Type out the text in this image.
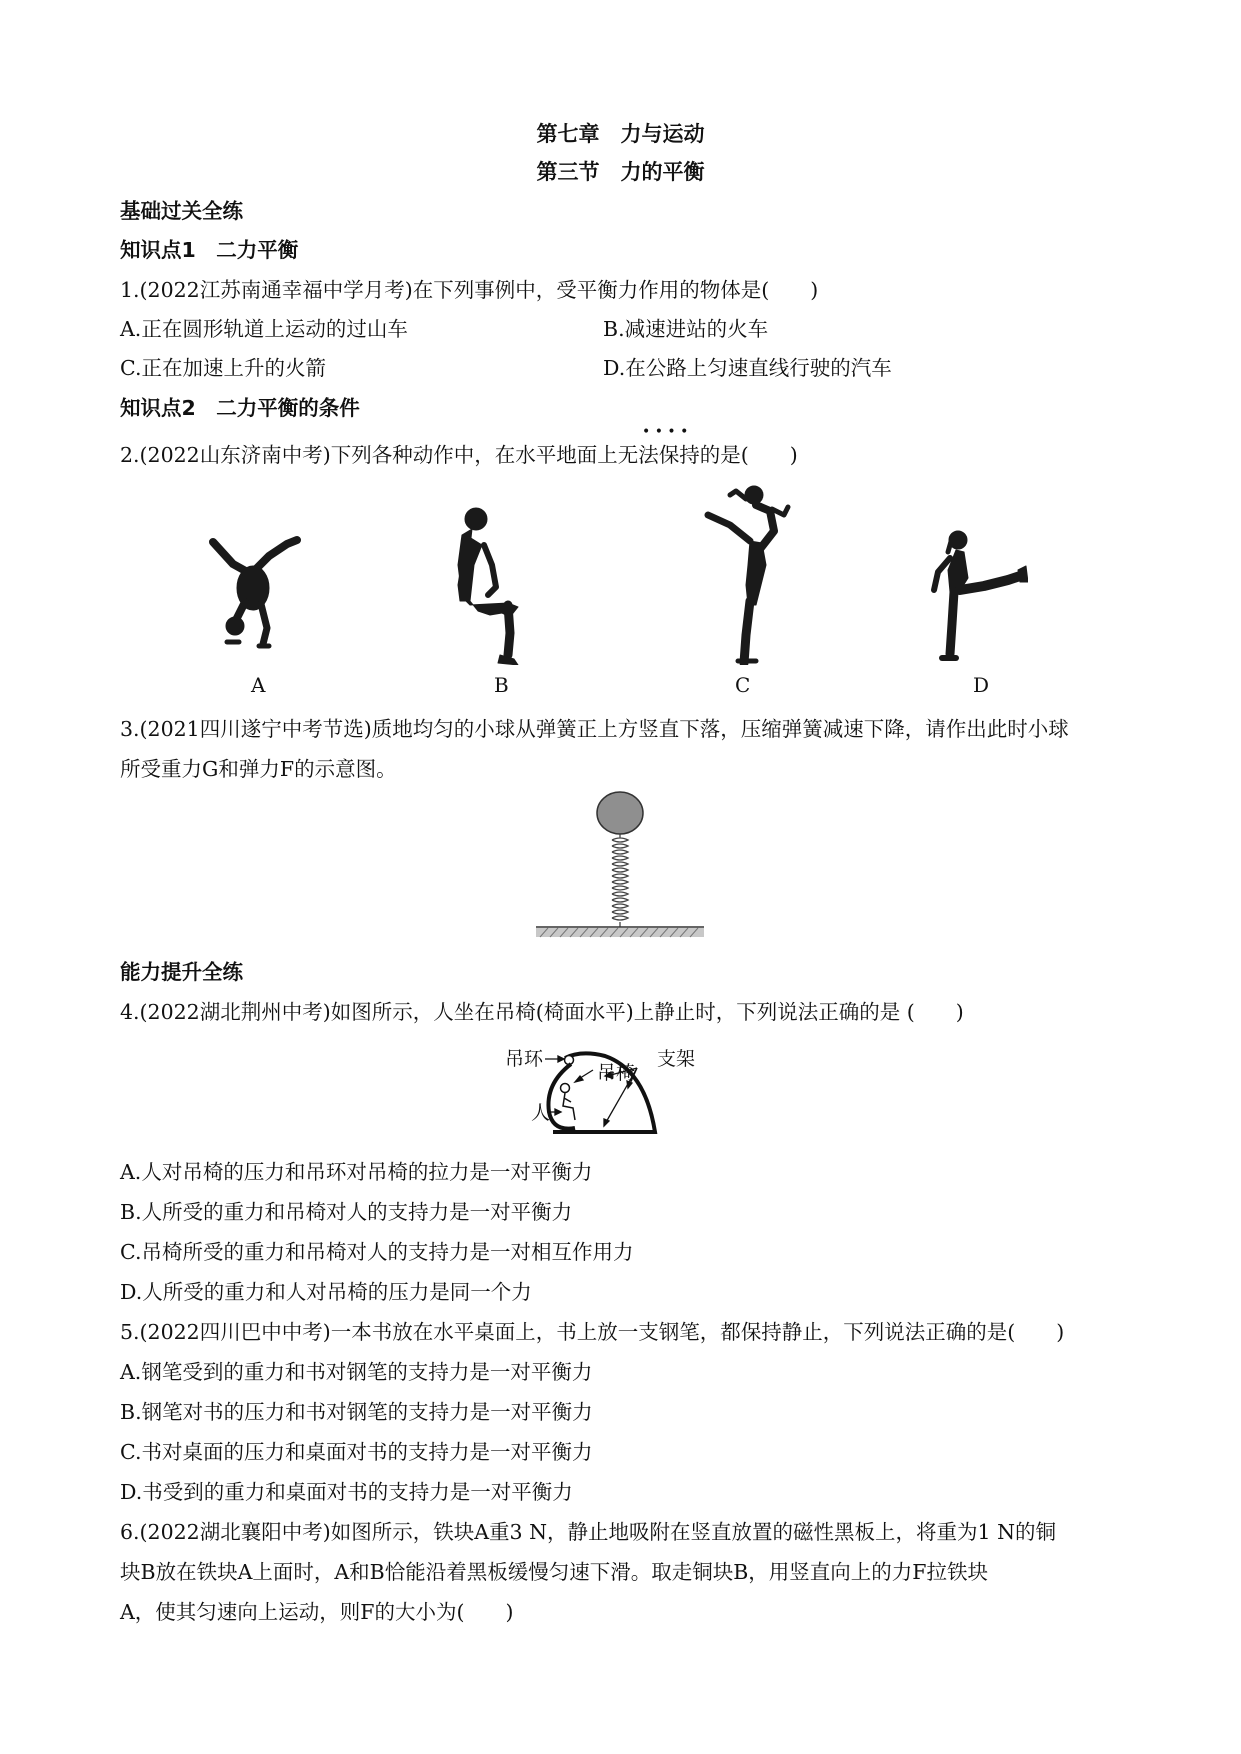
第七章　力与运动
第三节　力的平衡
基础过关全练
知识点1　二力平衡
1.(2022江苏南通幸福中学月考)在下列事例中，受平衡力作用的物体是(　　)
A.正在圆形轨道上运动的过山车	B.减速进站的火车
C.正在加速上升的火箭	D.在公路上匀速直线行驶的汽车
知识点2　二力平衡的条件
• • • •
2.(2022山东济南中考)下列各种动作中，在水平地面上无法保持的是(　　)
A	B	C	D
3.(2021四川遂宁中考节选)质地均匀的小球从弹簧正上方竖直下落，压缩弹簧减速下降，请作出此时小球
所受重力G和弹力F的示意图。
能力提升全练
4.(2022湖北荆州中考)如图所示，人坐在吊椅(椅面水平)上静止时，下列说法正确的是 (　　)
吊环
吊椅
支架
人
A.人对吊椅的压力和吊环对吊椅的拉力是一对平衡力
B.人所受的重力和吊椅对人的支持力是一对平衡力
C.吊椅所受的重力和吊椅对人的支持力是一对相互作用力
D.人所受的重力和人对吊椅的压力是同一个力
5.(2022四川巴中中考)一本书放在水平桌面上，书上放一支钢笔，都保持静止，下列说法正确的是(　　)
A.钢笔受到的重力和书对钢笔的支持力是一对平衡力
B.钢笔对书的压力和书对钢笔的支持力是一对平衡力
C.书对桌面的压力和桌面对书的支持力是一对平衡力
D.书受到的重力和桌面对书的支持力是一对平衡力
6.(2022湖北襄阳中考)如图所示，铁块A重3 N，静止地吸附在竖直放置的磁性黑板上，将重为1 N的铜
块B放在铁块A上面时，A和B恰能沿着黑板缓慢匀速下滑。取走铜块B，用竖直向上的力F拉铁块
A，使其匀速向上运动，则F的大小为(　　)
